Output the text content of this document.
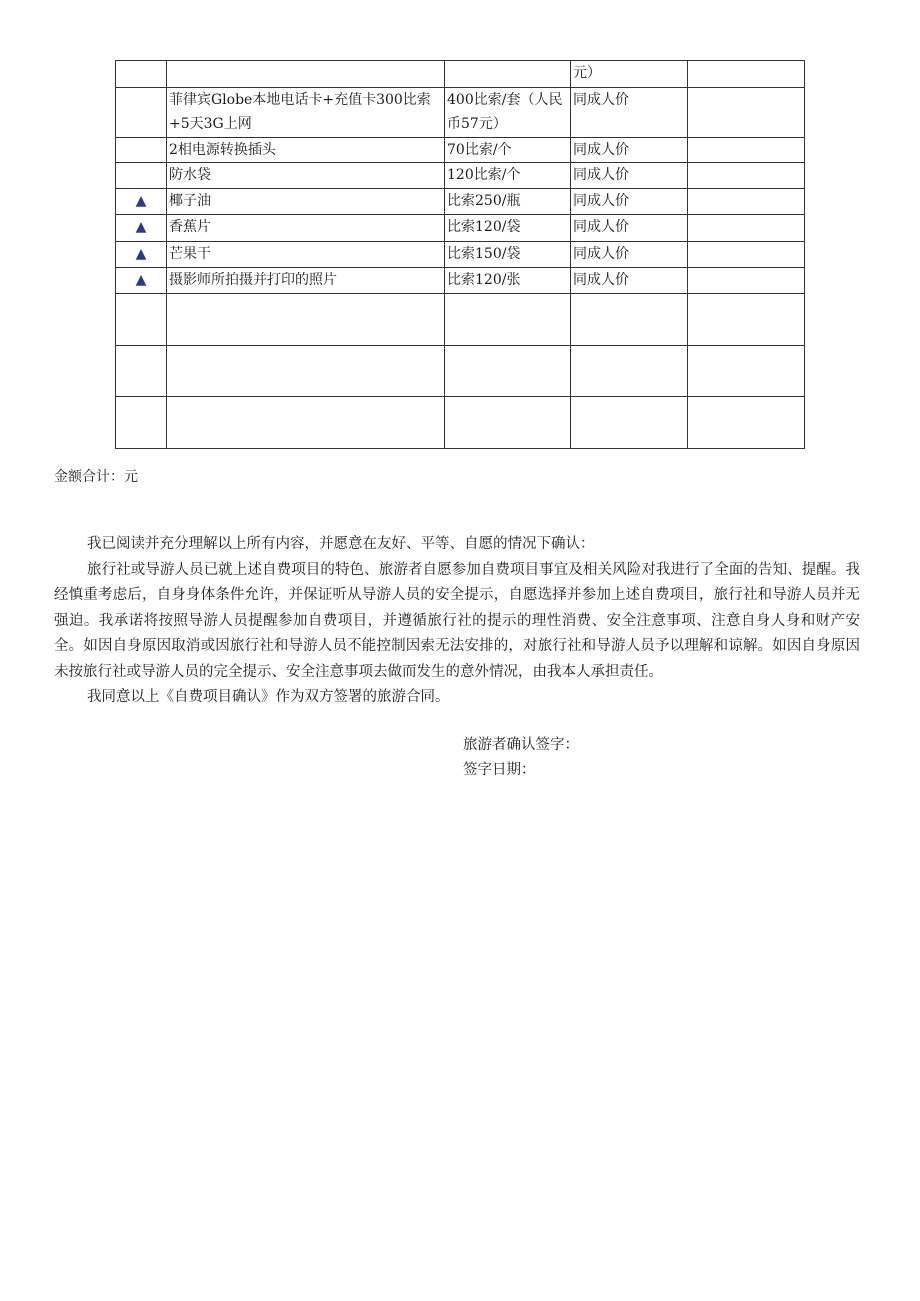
			元）	
	菲律宾Globe本地电话卡+充值卡300比索+5天3G上网	400比索/套（人民币57元）	同成人价	
	2相电源转换插头	70比索/个	同成人价	
	防水袋	120比索/个	同成人价	
▲	椰子油	比索250/瓶	同成人价	
▲	香蕉片	比索120/袋	同成人价	
▲	芒果干	比索150/袋	同成人价	
▲	摄影师所拍摄并打印的照片	比索120/张	同成人价	

金额合计：元

我已阅读并充分理解以上所有内容，并愿意在友好、平等、自愿的情况下确认：

旅行社或导游人员已就上述自费项目的特色、旅游者自愿参加自费项目事宜及相关风险对我进行了全面的告知、提醒。我经慎重考虑后，自身身体条件允许，并保证听从导游人员的安全提示，自愿选择并参加上述自费项目，旅行社和导游人员并无强迫。我承诺将按照导游人员提醒参加自费项目，并遵循旅行社的提示的理性消费、安全注意事项、注意自身人身和财产安全。如因自身原因取消或因旅行社和导游人员不能控制因索无法安排的，对旅行社和导游人员予以理解和谅解。如因自身原因未按旅行社或导游人员的完全提示、安全注意事项去做而发生的意外情况，由我本人承担责任。

我同意以上《自费项目确认》作为双方签署的旅游合同。

旅游者确认签字：
签字日期：
